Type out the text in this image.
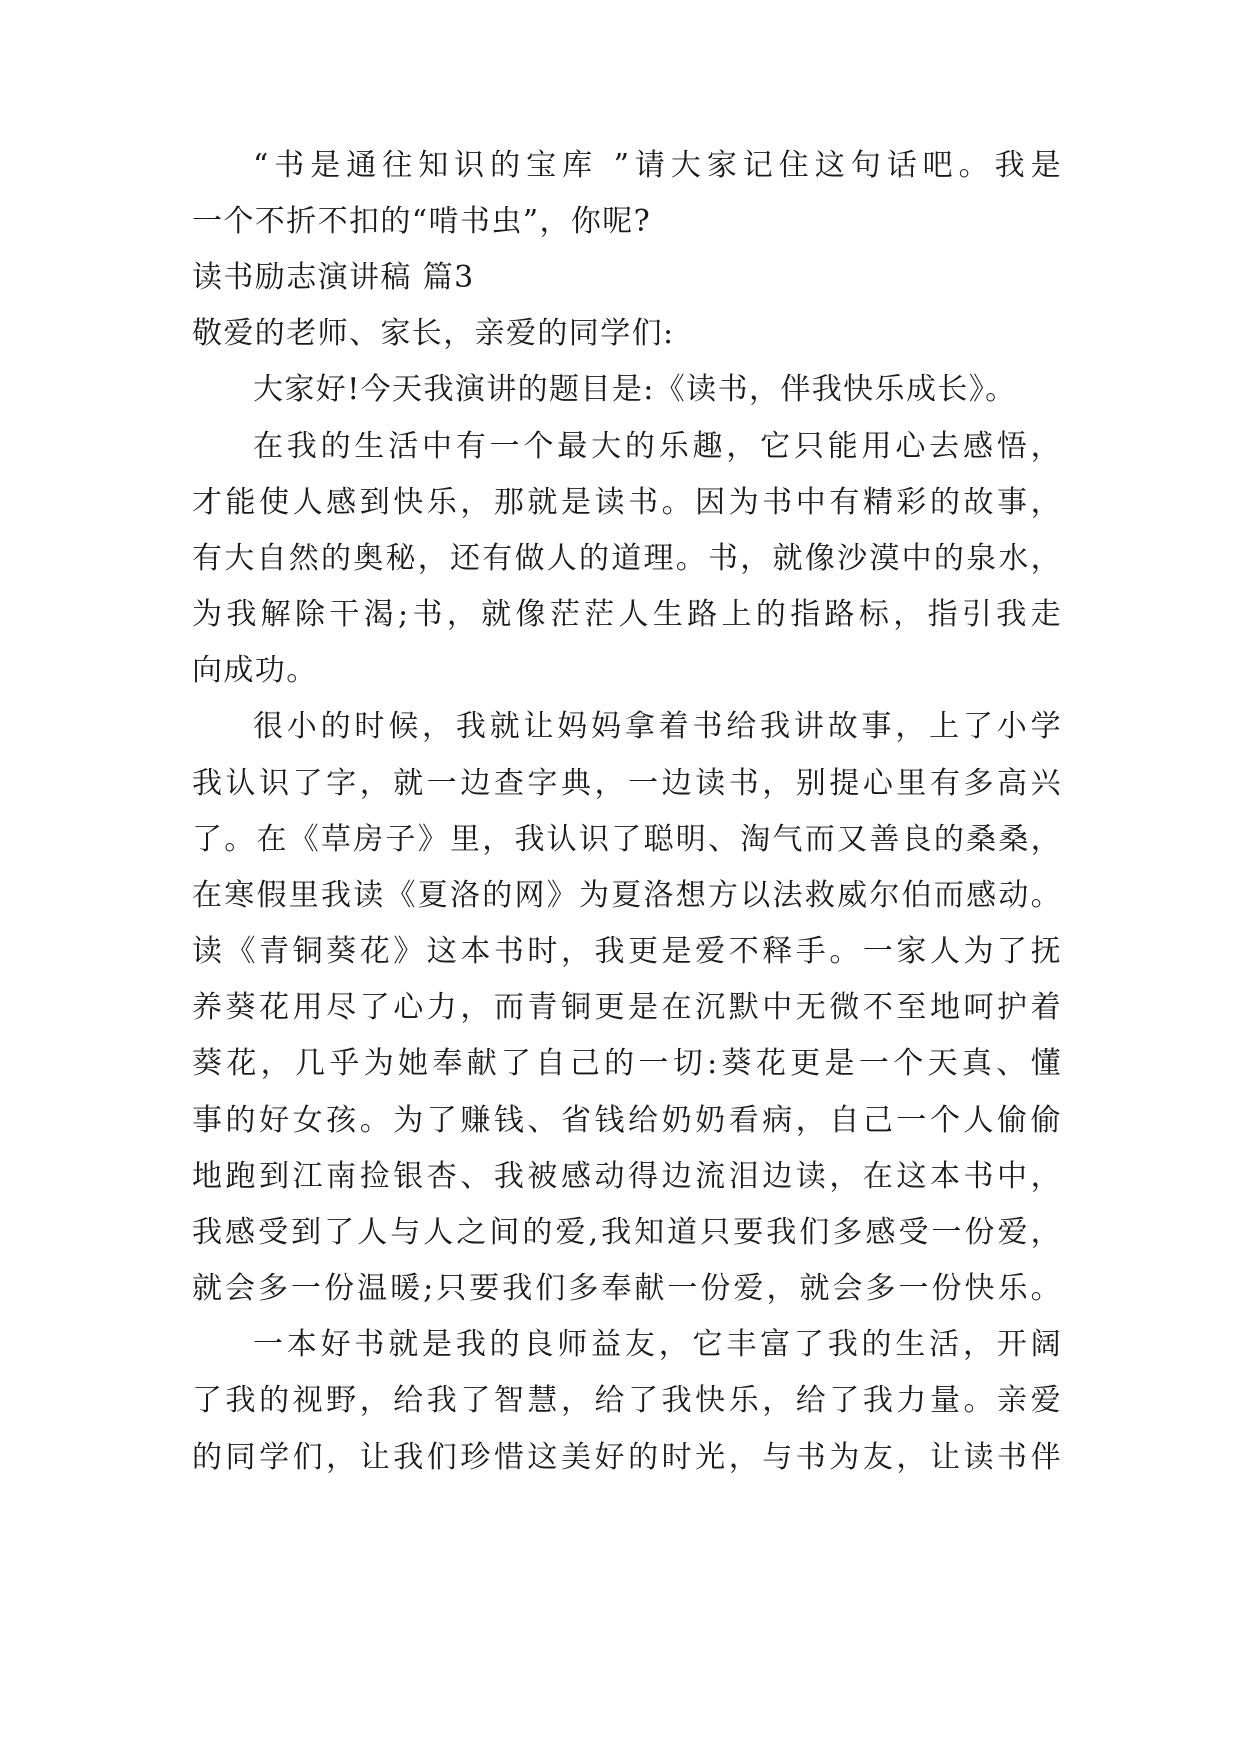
“书是通往知识的宝库 ”请大家记住这句话吧。我是
一个不折不扣的“啃书虫”，你呢?
读书励志演讲稿 篇3
敬爱的老师、家长，亲爱的同学们:
大家好!今天我演讲的题目是:《读书，伴我快乐成长》。
在我的生活中有一个最大的乐趣，它只能用心去感悟，
才能使人感到快乐，那就是读书。因为书中有精彩的故事，
有大自然的奥秘，还有做人的道理。书，就像沙漠中的泉水，
为我解除干渴;书，就像茫茫人生路上的指路标，指引我走
向成功。
很小的时候，我就让妈妈拿着书给我讲故事，上了小学
我认识了字，就一边查字典，一边读书，别提心里有多高兴
了。在《草房子》里，我认识了聪明、淘气而又善良的桑桑，
在寒假里我读《夏洛的网》为夏洛想方以法救威尔伯而感动。
读《青铜葵花》这本书时，我更是爱不释手。一家人为了抚
养葵花用尽了心力，而青铜更是在沉默中无微不至地呵护着
葵花，几乎为她奉献了自己的一切:葵花更是一个天真、懂
事的好女孩。为了赚钱、省钱给奶奶看病，自己一个人偷偷
地跑到江南捡银杏、我被感动得边流泪边读，在这本书中，
我感受到了人与人之间的爱,我知道只要我们多感受一份爱，
就会多一份温暖;只要我们多奉献一份爱，就会多一份快乐。
一本好书就是我的良师益友，它丰富了我的生活，开阔
了我的视野，给我了智慧，给了我快乐，给了我力量。亲爱
的同学们，让我们珍惜这美好的时光，与书为友，让读书伴
